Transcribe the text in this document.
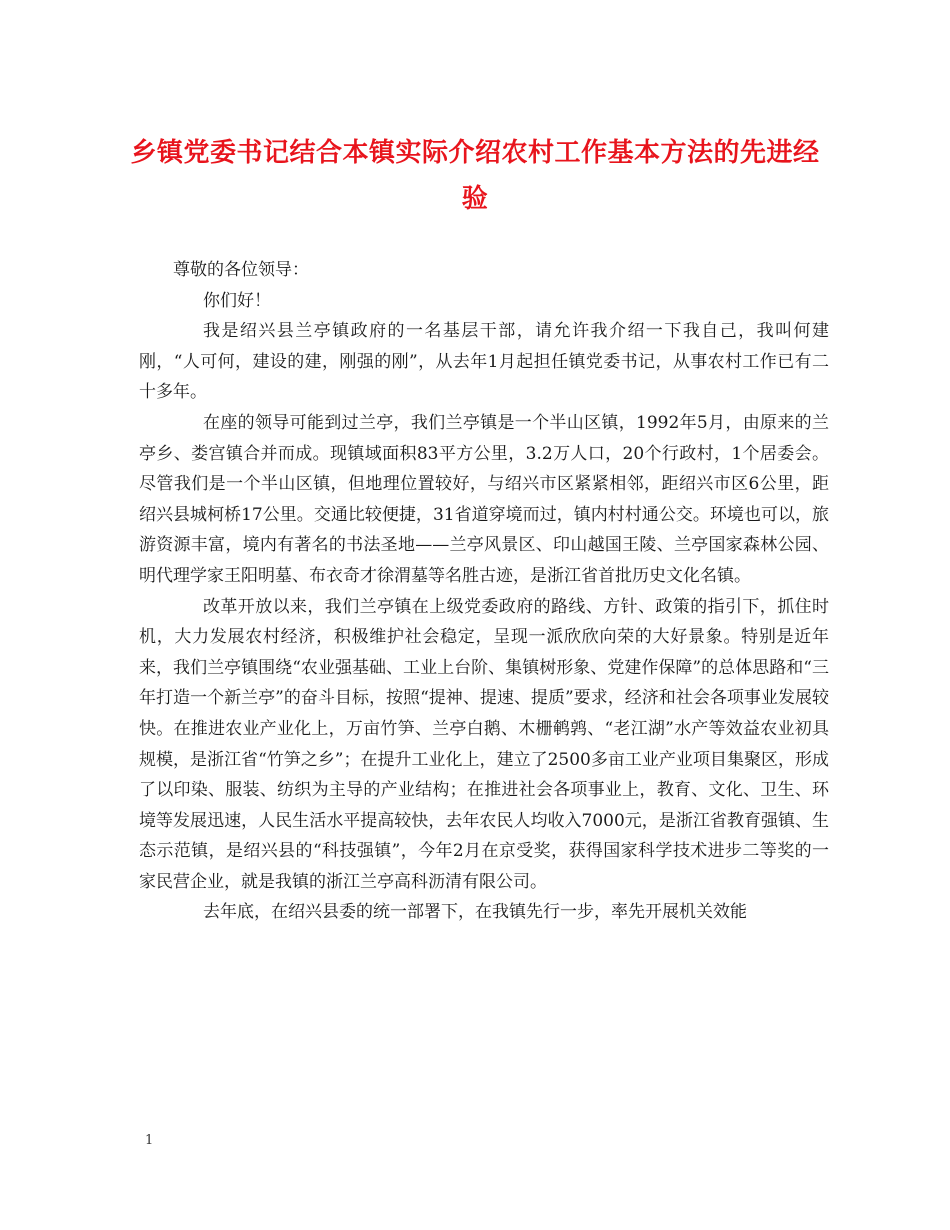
乡镇党委书记结合本镇实际介绍农村工作基本方法的先进经验

尊敬的各位领导：

你们好！

我是绍兴县兰亭镇政府的一名基层干部，请允许我介绍一下我自己，我叫何建刚，“人可何，建设的建，刚强的刚”，从去年1月起担任镇党委书记，从事农村工作已有二十多年。

在座的领导可能到过兰亭，我们兰亭镇是一个半山区镇，1992年5月，由原来的兰亭乡、娄宫镇合并而成。现镇域面积83平方公里，3.2万人口，20个行政村，1个居委会。尽管我们是一个半山区镇，但地理位置较好，与绍兴市区紧紧相邻，距绍兴市区6公里，距绍兴县城柯桥17公里。交通比较便捷，31省道穿境而过，镇内村村通公交。环境也可以，旅游资源丰富，境内有著名的书法圣地——兰亭风景区、印山越国王陵、兰亭国家森林公园、明代理学家王阳明墓、布衣奇才徐渭墓等名胜古迹，是浙江省首批历史文化名镇。

改革开放以来，我们兰亭镇在上级党委政府的路线、方针、政策的指引下，抓住时机，大力发展农村经济，积极维护社会稳定，呈现一派欣欣向荣的大好景象。特别是近年来，我们兰亭镇围绕“农业强基础、工业上台阶、集镇树形象、党建作保障”的总体思路和“三年打造一个新兰亭”的奋斗目标，按照“提神、提速、提质”要求，经济和社会各项事业发展较快。在推进农业产业化上，万亩竹笋、兰亭白鹅、木栅鹌鹑、“老江湖”水产等效益农业初具规模，是浙江省“竹笋之乡”；在提升工业化上，建立了2500多亩工业产业项目集聚区，形成了以印染、服装、纺织为主导的产业结构；在推进社会各项事业上，教育、文化、卫生、环境等发展迅速，人民生活水平提高较快，去年农民人均收入7000元，是浙江省教育强镇、生态示范镇，是绍兴县的“科技强镇”，今年2月在京受奖，获得国家科学技术进步二等奖的一家民营企业，就是我镇的浙江兰亭高科沥清有限公司。

去年底，在绍兴县委的统一部署下，在我镇先行一步，率先开展机关效能

1
